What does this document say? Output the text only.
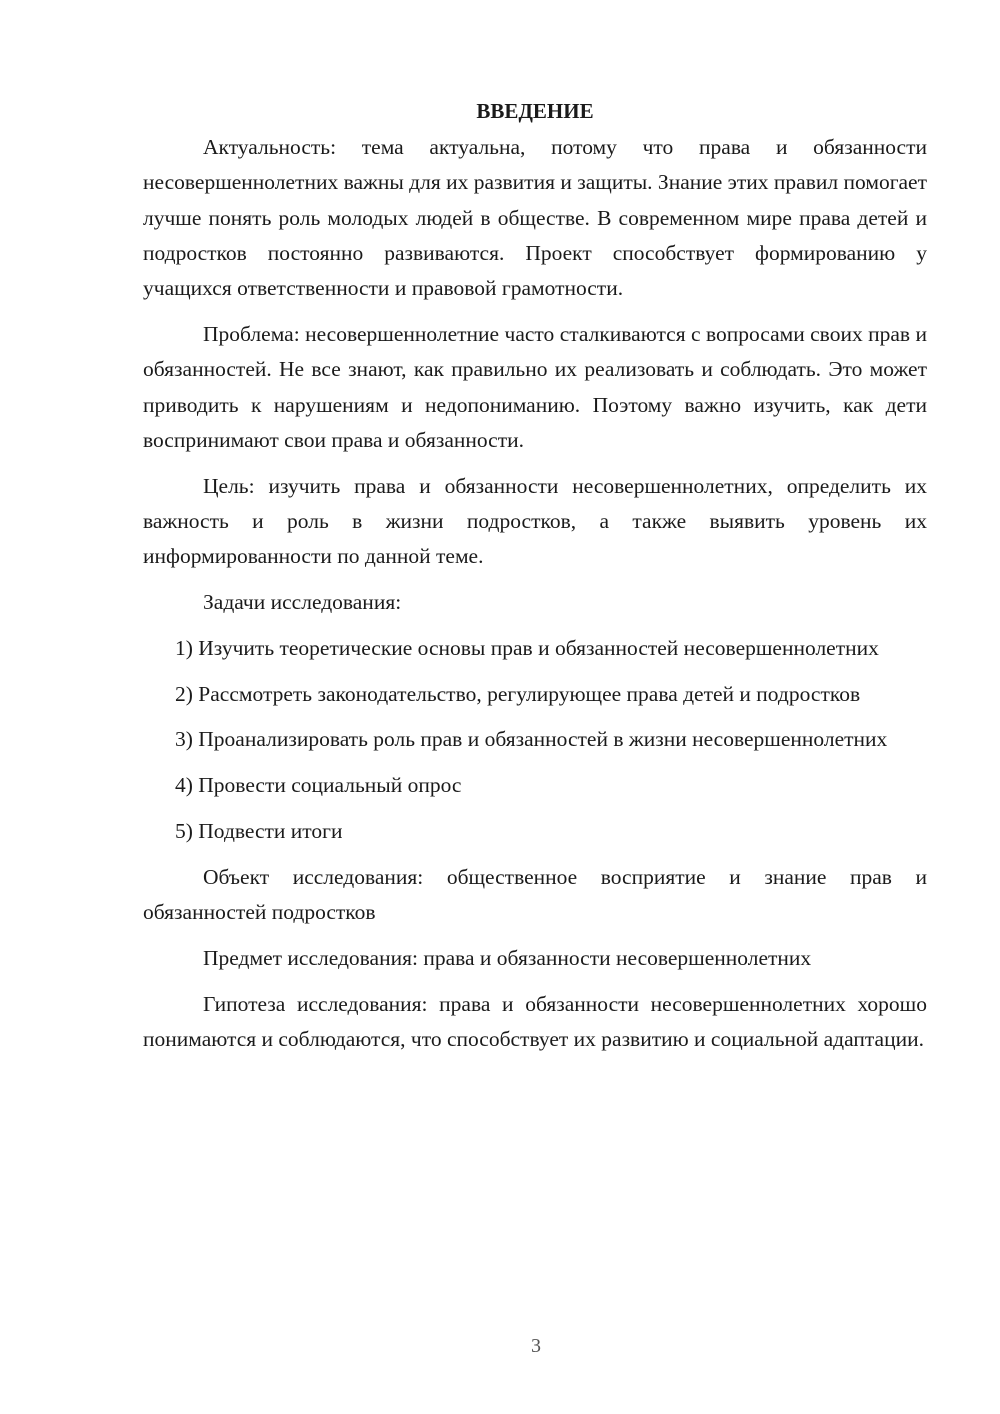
ВВЕДЕНИЕ

Актуальность: тема актуальна, потому что права и обязанности несовершеннолетних важны для их развития и защиты. Знание этих правил помогает лучше понять роль молодых людей в обществе. В современном мире права детей и подростков постоянно развиваются. Проект способствует формированию у учащихся ответственности и правовой грамотности.

Проблема: несовершеннолетние часто сталкиваются с вопросами своих прав и обязанностей. Не все знают, как правильно их реализовать и соблюдать. Это может приводить к нарушениям и недопониманию. Поэтому важно изучить, как дети воспринимают свои права и обязанности.

Цель: изучить права и обязанности несовершеннолетних, определить их важность и роль в жизни подростков, а также выявить уровень их информированности по данной теме.

Задачи исследования:

1) Изучить теоретические основы прав и обязанностей несовершеннолетних

2) Рассмотреть законодательство, регулирующее права детей и подростков

3) Проанализировать роль прав и обязанностей в жизни несовершеннолетних

4) Провести социальный опрос

5) Подвести итоги

Объект исследования: общественное восприятие и знание прав и обязанностей подростков

Предмет исследования: права и обязанности несовершеннолетних

Гипотеза исследования: права и обязанности несовершеннолетних хорошо понимаются и соблюдаются, что способствует их развитию и социальной адаптации.

3
